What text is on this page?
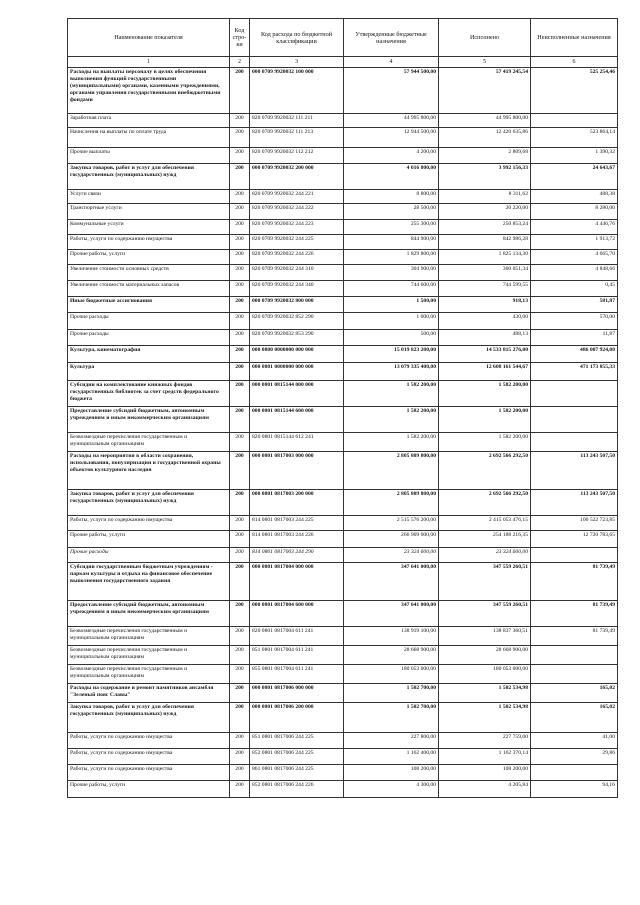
Наименование показателя	Код стро-ки	Код расхода по бюджетной классификации	Утвержденные бюджетные назначения	Исполнено	Неисполненные назначения
1	2	3	4	5	6
Расходы на выплаты персоналу в целях обеспечения выполнения функций государственными (муниципальными) органами, казенными учреждениями, органами управления государственными внебюджетными фондами	200	000 0709 9920032 100 000	57 944 500,00	57 419 245,54	525 254,46
Заработная плата	200	820 0709 9920032 111 211	44 995 800,00	44 995 800,00	
Начисления на выплаты по оплате труда	200	820 0709 9920032 111 213	12 944 500,00	12 420 635,86	523 864,14
Прочие выплаты	200	820 0709 9920032 112 212	4 200,00	2 809,68	1 390,32
Закупка товаров, работ и услуг для обеспечения государственных (муниципальных) нужд	200	000 0709 9920032 200 000	4 016 800,00	3 992 156,33	24 643,67
Услуги связи	200	820 0709 9920032 244 221	8 800,00	8 311,62	488,38
Транспортные услуги	200	820 0709 9920032 244 222	28 500,00	20 220,00	8 280,00
Коммунальные услуги	200	820 0709 9920032 244 223	255 300,00	250 853,24	4 446,76
Работы, услуги по содержанию имущества	200	820 0709 9920032 244 225	844 900,00	842 986,28	1 913,72
Прочие работы, услуги	200	820 0709 9920032 244 226	1 829 800,00	1 825 134,30	4 665,70
Увеличение стоимости основных средств	200	820 0709 9920032 244 310	304 900,00	300 051,34	4 848,66
Увеличение стоимости материальных запасов	200	820 0709 9920032 244 340	744 600,00	744 599,55	0,45
Иные бюджетные ассигнования	200	000 0709 9920032 800 000	1 500,00	918,13	581,87
Прочие расходы	200	820 0709 9920032 852 290	1 000,00	430,00	570,00
Прочие расходы	200	820 0709 9920032 853 290	500,00	488,13	11,87
Культура, кинематография	200	000 0800 0000000 000 000	15 019 823 200,00	14 533 815 276,00	486 007 924,00
Культура	200	000 0801 0000000 000 000	13 079 335 400,00	12 608 161 544,67	471 173 855,33
Субсидии на комплектование книжных фондов государственных библиотек за счет средств федерального бюджета	200	000 0801 0815144 000 000	1 582 200,00	1 582 200,00	
Предоставление субсидий бюджетным, автономным учреждениям и иным некоммерческим организациям	200	000 0801 0815144 600 000	1 582 200,00	1 582 200,00	
Безвозмездные перечисления государственным и муниципальным организациям	200	820 0801 0815144 612 241	1 582 200,00	1 582 200,00	
Расходы на мероприятия в области сохранения, использования, популяризации и государственной охраны объектов культурного наследия	200	000 0801 0817003 000 000	2 805 809 800,00	2 692 566 292,50	113 243 507,50
Закупка товаров, работ и услуг для обеспечения государственных (муниципальных) нужд	200	000 0801 0817003 200 000	2 805 809 800,00	2 692 566 292,50	113 243 507,50
Работы, услуги по содержанию имущества	200	814 0801 0817003 244 225	2 515 576 200,00	2 415 053 476,15	100 522 723,85
Прочие работы, услуги	200	814 0801 0817003 244 226	266 909 000,00	254 188 216,35	12 720 783,65
Прочие расходы	200	814 0801 0817003 244 290	23 324 600,00	23 324 600,00	
Субсидии государственным бюджетным учреждениям - паркам культуры и отдыха на финансовое обеспечение выполнения государственного задания	200	000 0801 0817004 000 000	347 641 000,00	347 559 260,51	81 739,49
Предоставление субсидий бюджетным, автономным учреждениям и иным некоммерческим организациям	200	000 0801 0817004 600 000	347 641 000,00	347 559 260,51	81 739,49
Безвозмездные перечисления государственным и муниципальным организациям	200	820 0801 0817004 611 241	138 919 100,00	138 837 360,51	81 739,49
Безвозмездные перечисления государственным и муниципальным организациям	200	851 0801 0817004 611 241	28 668 900,00	28 668 900,00	
Безвозмездные перечисления государственным и муниципальным организациям	200	855 0801 0817004 611 241	180 053 000,00	180 053 000,00	
Расходы на содержание и ремонт памятников ансамбля "Зеленый пояс Славы"	200	000 0801 0817006 000 000	1 502 700,00	1 502 534,98	165,02
Закупка товаров, работ и услуг для обеспечения государственных (муниципальных) нужд	200	000 0801 0817006 200 000	1 502 700,00	1 502 534,98	165,02
Работы, услуги по содержанию имущества	200	851 0801 0817006 244 225	227 800,00	227 759,00	41,00
Работы, услуги по содержанию имущества	200	852 0801 0817006 244 225	1 162 400,00	1 162 370,14	29,86
Работы, услуги по содержанию имущества	200	861 0801 0817006 244 225	108 200,00	108 200,00	
Прочие работы, услуги	200	852 0801 0817006 244 226	4 300,00	4 205,84	94,16
